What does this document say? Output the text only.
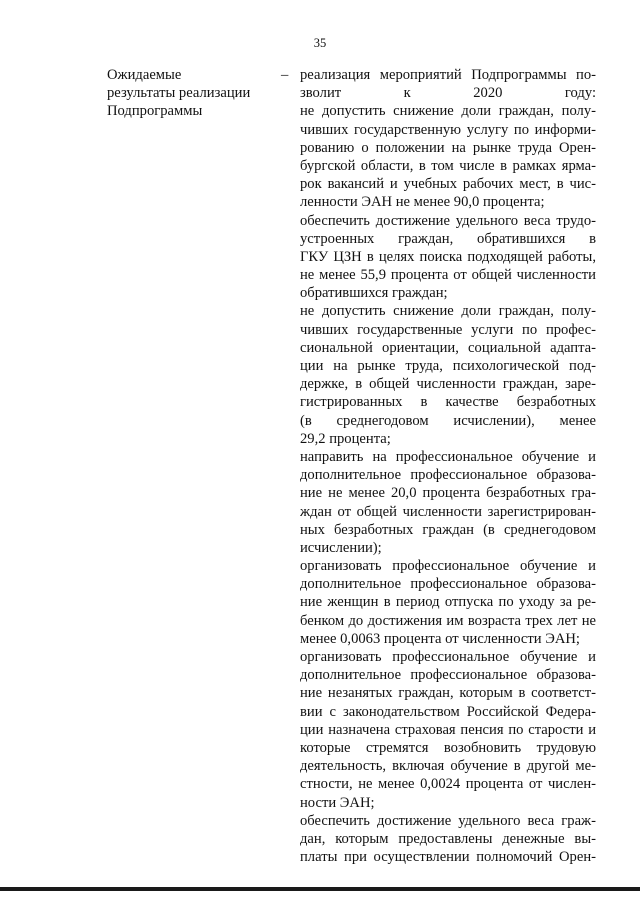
35
Ожидаемые
результаты реализации
Подпрограммы
– реализация мероприятий Подпрограммы по-
зволит к 2020 году:
не допустить снижение доли граждан, полу-
чивших государственную услугу по информи-
рованию о положении на рынке труда Орен-
бургской области, в том числе в рамках ярма-
рок вакансий и учебных рабочих мест, в чис-
ленности ЭАН не менее 90,0 процента;
обеспечить достижение удельного веса трудо-
устроенных граждан, обратившихся в
ГКУ ЦЗН в целях поиска подходящей работы,
не менее 55,9 процента от общей численности
обратившихся граждан;
не допустить снижение доли граждан, полу-
чивших государственные услуги по профес-
сиональной ориентации, социальной адапта-
ции на рынке труда, психологической под-
держке, в общей численности граждан, заре-
гистрированных в качестве безработных
(в среднегодовом исчислении), менее
29,2 процента;
направить на профессиональное обучение и
дополнительное профессиональное образова-
ние не менее 20,0 процента безработных гра-
ждан от общей численности зарегистрирован-
ных безработных граждан (в среднегодовом
исчислении);
организовать профессиональное обучение и
дополнительное профессиональное образова-
ние женщин в период отпуска по уходу за ре-
бенком до достижения им возраста трех лет не
менее 0,0063 процента от численности ЭАН;
организовать профессиональное обучение и
дополнительное профессиональное образова-
ние незанятых граждан, которым в соответст-
вии с законодательством Российской Федера-
ции назначена страховая пенсия по старости и
которые стремятся возобновить трудовую
деятельность, включая обучение в другой ме-
стности, не менее 0,0024 процента от числен-
ности ЭАН;
обеспечить достижение удельного веса граж-
дан, которым предоставлены денежные вы-
платы при осуществлении полномочий Орен-
